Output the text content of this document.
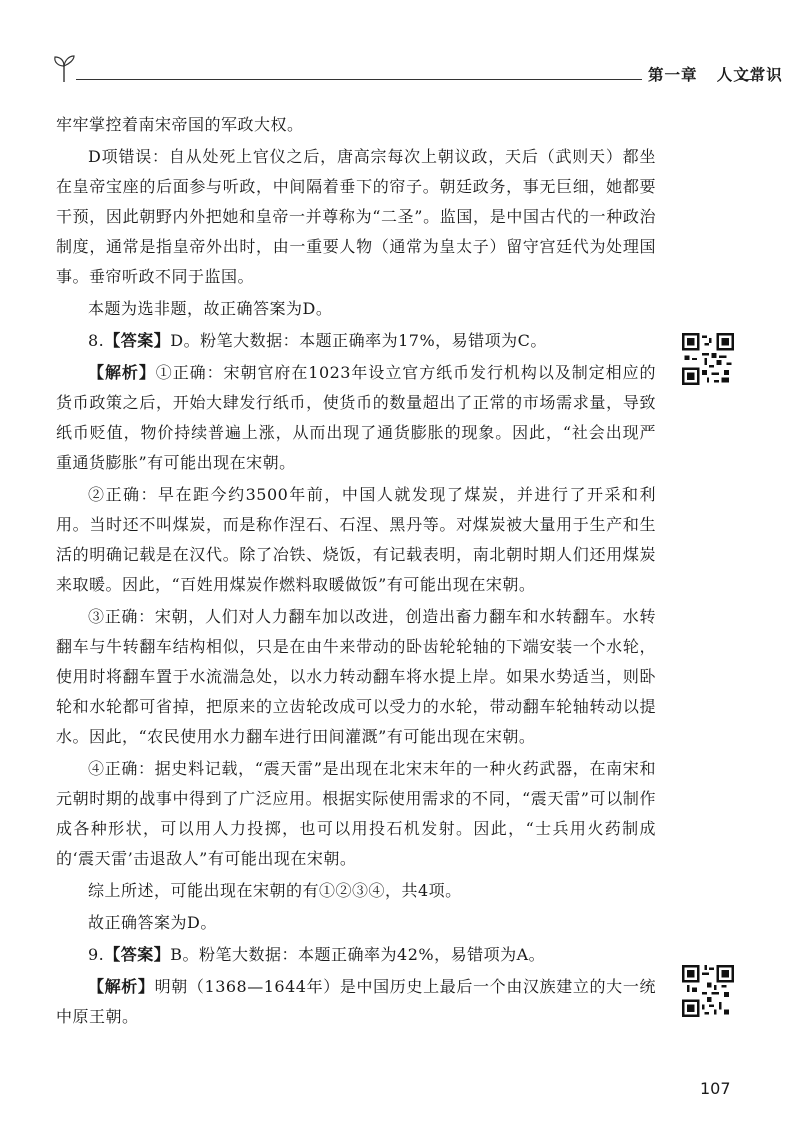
第一章 人文常识

牢牢掌控着南宋帝国的军政大权。

D项错误：自从处死上官仪之后，唐高宗每次上朝议政，天后（武则天）都坐在皇帝宝座的后面参与听政，中间隔着垂下的帘子。朝廷政务，事无巨细，她都要干预，因此朝野内外把她和皇帝一并尊称为“二圣”。监国，是中国古代的一种政治制度，通常是指皇帝外出时，由一重要人物（通常为皇太子）留守宫廷代为处理国事。垂帘听政不同于监国。

本题为选非题，故正确答案为D。

8.【答案】D。粉笔大数据：本题正确率为17%，易错项为C。

【解析】①正确：宋朝官府在1023年设立官方纸币发行机构以及制定相应的货币政策之后，开始大肆发行纸币，使货币的数量超出了正常的市场需求量，导致纸币贬值，物价持续普遍上涨，从而出现了通货膨胀的现象。因此，“社会出现严重通货膨胀”有可能出现在宋朝。

②正确：早在距今约3500年前，中国人就发现了煤炭，并进行了开采和利用。当时还不叫煤炭，而是称作涅石、石涅、黑丹等。对煤炭被大量用于生产和生活的明确记载是在汉代。除了冶铁、烧饭，有记载表明，南北朝时期人们还用煤炭来取暖。因此，“百姓用煤炭作燃料取暖做饭”有可能出现在宋朝。

③正确：宋朝，人们对人力翻车加以改进，创造出畜力翻车和水转翻车。水转翻车与牛转翻车结构相似，只是在由牛来带动的卧齿轮轮轴的下端安装一个水轮，使用时将翻车置于水流湍急处，以水力转动翻车将水提上岸。如果水势适当，则卧轮和水轮都可省掉，把原来的立齿轮改成可以受力的水轮，带动翻车轮轴转动以提水。因此，“农民使用水力翻车进行田间灌溉”有可能出现在宋朝。

④正确：据史料记载，“震天雷”是出现在北宋末年的一种火药武器，在南宋和元朝时期的战事中得到了广泛应用。根据实际使用需求的不同，“震天雷”可以制作成各种形状，可以用人力投掷，也可以用投石机发射。因此，“士兵用火药制成的‘震天雷’击退敌人”有可能出现在宋朝。

综上所述，可能出现在宋朝的有①②③④，共4项。

故正确答案为D。

9.【答案】B。粉笔大数据：本题正确率为42%，易错项为A。

【解析】明朝（1368—1644年）是中国历史上最后一个由汉族建立的大一统中原王朝。

107
